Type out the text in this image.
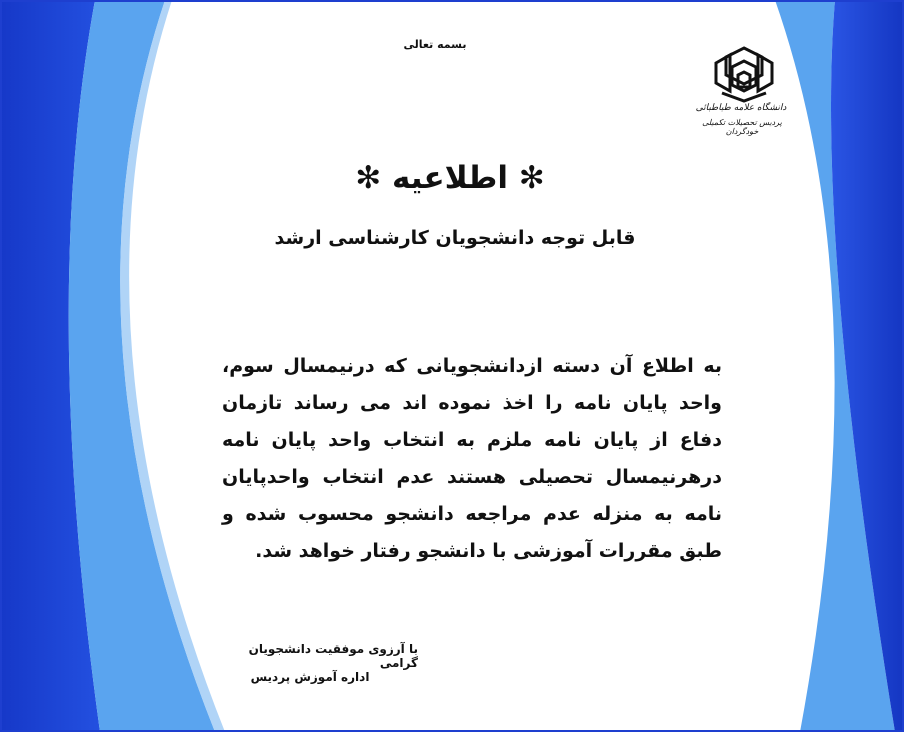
بسمه تعالی
دانشگاه علامه طباطبائی
پردیس تحصیلات تکمیلی خودگردان
✻ اطلاعیه ✻
قابل توجه دانشجویان کارشناسی ارشد
به اطلاع آن دسته ازدانشجویانی که درنیمسال سوم، واحد پایان نامه را اخذ نموده اند می رساند تازمان دفاع از پایان نامه ملزم به انتخاب واحد پایان نامه درهرنیمسال تحصیلی هستند عدم انتخاب واحدپایان نامه به منزله عدم مراجعه دانشجو محسوب شده و طبق مقررات آموزشی با دانشجو رفتار خواهد شد.
با آرزوی موفقیت دانشجویان گرامی
اداره آموزش پردیس
